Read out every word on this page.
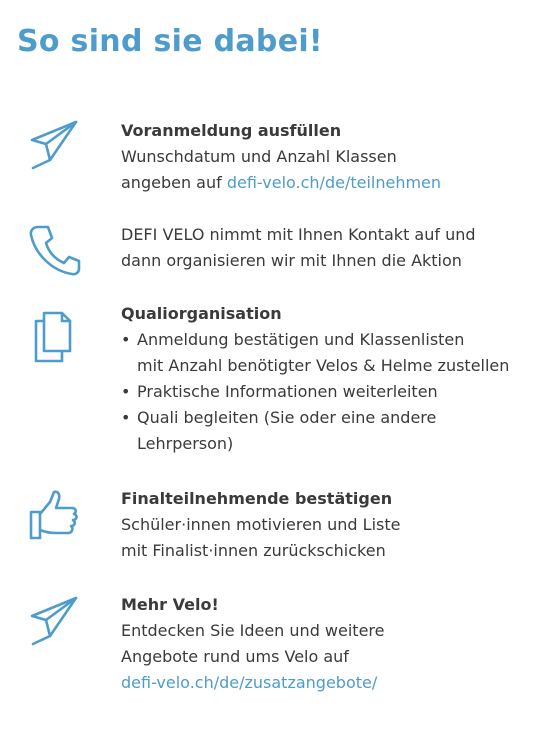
So sind sie dabei!
Voranmeldung ausfüllen
Wunschdatum und Anzahl Klassen
angeben auf defi-velo.ch/de/teilnehmen
DEFI VELO nimmt mit Ihnen Kontakt auf und
dann organisieren wir mit Ihnen die Aktion
Qualiorganisation
• Anmeldung bestätigen und Klassenlisten
mit Anzahl benötigter Velos & Helme zustellen
• Praktische Informationen weiterleiten
• Quali begleiten (Sie oder eine andere
Lehrperson)
Finalteilnehmende bestätigen
Schüler·innen motivieren und Liste
mit Finalist·innen zurückschicken
Mehr Velo!
Entdecken Sie Ideen und weitere
Angebote rund ums Velo auf
defi-velo.ch/de/zusatzangebote/
